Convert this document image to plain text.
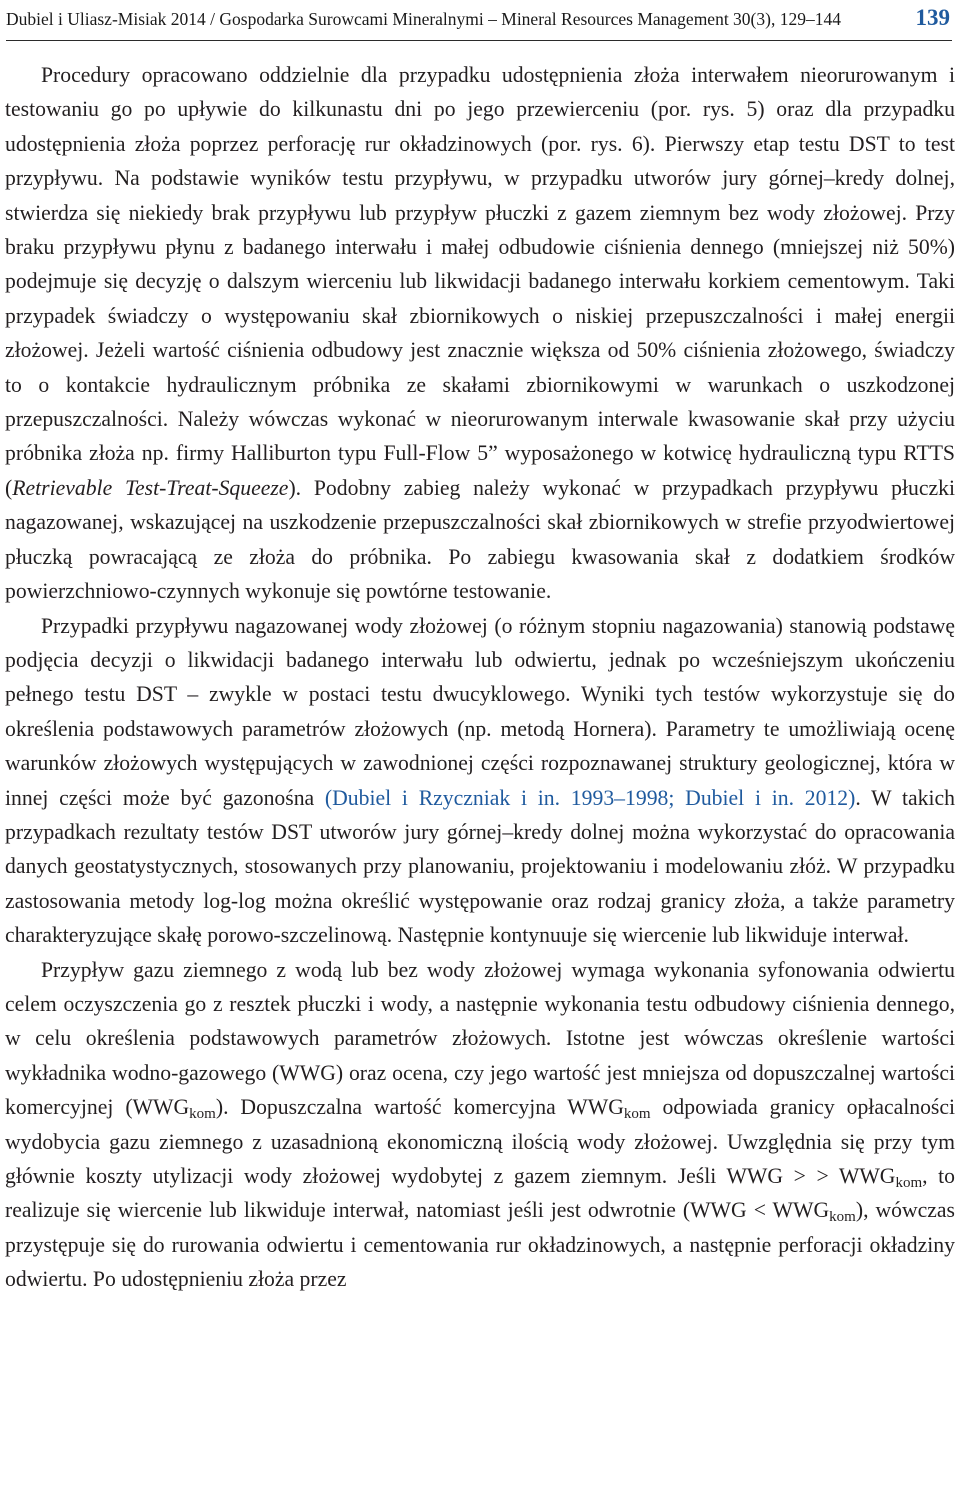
Dubiel i Uliasz-Misiak 2014 / Gospodarka Surowcami Mineralnymi – Mineral Resources Management 30(3), 129–144	139

Procedury opracowano oddzielnie dla przypadku udostępnienia złoża interwałem nieorurowanym i testowaniu go po upływie do kilkunastu dni po jego przewierceniu (por. rys. 5) oraz dla przypadku udostępnienia złoża poprzez perforację rur okładzinowych (por. rys. 6). Pierwszy etap testu DST to test przypływu. Na podstawie wyników testu przypływu, w przypadku utworów jury górnej–kredy dolnej, stwierdza się niekiedy brak przypływu lub przypływ płuczki z gazem ziemnym bez wody złożowej. Przy braku przypływu płynu z badanego interwału i małej odbudowie ciśnienia dennego (mniejszej niż 50%) podejmuje się decyzję o dalszym wierceniu lub likwidacji badanego interwału korkiem cementowym. Taki przypadek świadczy o występowaniu skał zbiornikowych o niskiej przepuszczalności i małej energii złożowej. Jeżeli wartość ciśnienia odbudowy jest znacznie większa od 50% ciśnienia złożowego, świadczy to o kontakcie hydraulicznym próbnika ze skałami zbiornikowymi w warunkach o uszkodzonej przepuszczalności. Należy wówczas wykonać w nieorurowanym interwale kwasowanie skał przy użyciu próbnika złoża np. firmy Halliburton typu Full-Flow 5” wyposażonego w kotwicę hydrauliczną typu RTTS (Retrievable Test-Treat-Squeeze). Podobny zabieg należy wykonać w przypadkach przypływu płuczki nagazowanej, wskazującej na uszkodzenie przepuszczalności skał zbiornikowych w strefie przyodwiertowej płuczką powracającą ze złoża do próbnika. Po zabiegu kwasowania skał z dodatkiem środków powierzchniowo-czynnych wykonuje się powtórne testowanie.

Przypadki przypływu nagazowanej wody złożowej (o różnym stopniu nagazowania) stanowią podstawę podjęcia decyzji o likwidacji badanego interwału lub odwiertu, jednak po wcześniejszym ukończeniu pełnego testu DST – zwykle w postaci testu dwucyklowego. Wyniki tych testów wykorzystuje się do określenia podstawowych parametrów złożowych (np. metodą Hornera). Parametry te umożliwiają ocenę warunków złożowych występujących w zawodnionej części rozpoznawanej struktury geologicznej, która w innej części może być gazonośna (Dubiel i Rzyczniak i in. 1993–1998; Dubiel i in. 2012). W takich przypadkach rezultaty testów DST utworów jury górnej–kredy dolnej można wykorzystać do opracowania danych geostatystycznych, stosowanych przy planowaniu, projektowaniu i modelowaniu złóż. W przypadku zastosowania metody log-log można określić występowanie oraz rodzaj granicy złoża, a także parametry charakteryzujące skałę porowo-szczelinową. Następnie kontynuuje się wiercenie lub likwiduje interwał.

Przypływ gazu ziemnego z wodą lub bez wody złożowej wymaga wykonania syfonowania odwiertu celem oczyszczenia go z resztek płuczki i wody, a następnie wykonania testu odbudowy ciśnienia dennego, w celu określenia podstawowych parametrów złożowych. Istotne jest wówczas określenie wartości wykładnika wodno-gazowego (WWG) oraz ocena, czy jego wartość jest mniejsza od dopuszczalnej wartości komercyjnej $(WWG_{kom})$. Dopuszczalna wartość komercyjna $WWG_{kom}$ odpowiada granicy opłacalności wydobycia gazu ziemnego z uzasadnioną ekonomiczną ilością wody złożowej. Uwzględnia się przy tym głównie koszty utylizacji wody złożowej wydobytej z gazem ziemnym. Jeśli WWG > > $WWG_{kom}$, to realizuje się wiercenie lub likwiduje interwał, natomiast jeśli jest odwrotnie $(WWG < WWG_{kom})$, wówczas przystępuje się do rurowania odwiertu i cementowania rur okładzinowych, a następnie perforacji okładziny odwiertu. Po udostępnieniu złoża przez
